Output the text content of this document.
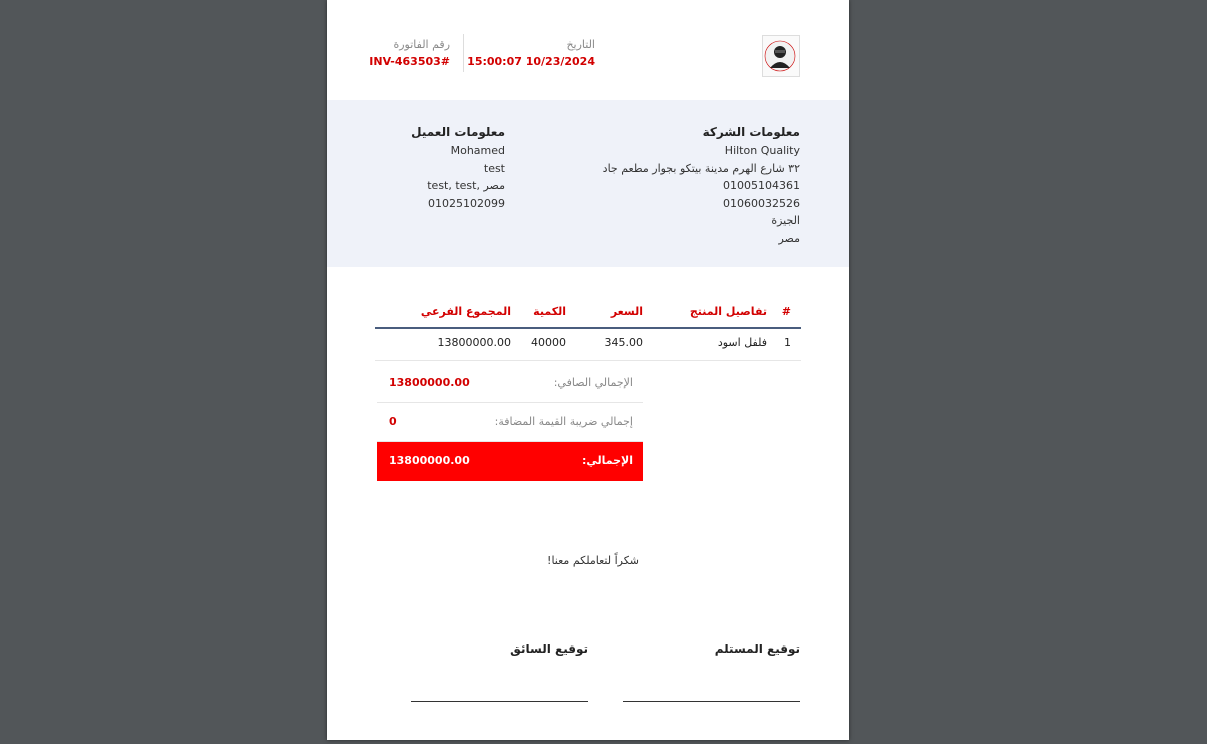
التاريخ
15:00:07 10/23/2024
رقم الفاتورة
INV-463503#
معلومات الشركة
Hilton Quality
٣٢ شارع الهرم مدينة بيتكو بجوار مطعم جاد
01005104361
01060032526
الجيزة
مصر
معلومات العميل
Mohamed
test
test, test, مصر
01025102099
#
تفاصيل المنتج
السعر
الكمية
المجموع الفرعي
1
فلفل اسود
345.00
40000
13800000.00
الإجمالي الصافي:
13800000.00
إجمالي ضريبة القيمة المضافة:
0
الإجمالي:
13800000.00
شكراً لتعاملكم معنا!
توقيع المستلم
توقيع السائق
